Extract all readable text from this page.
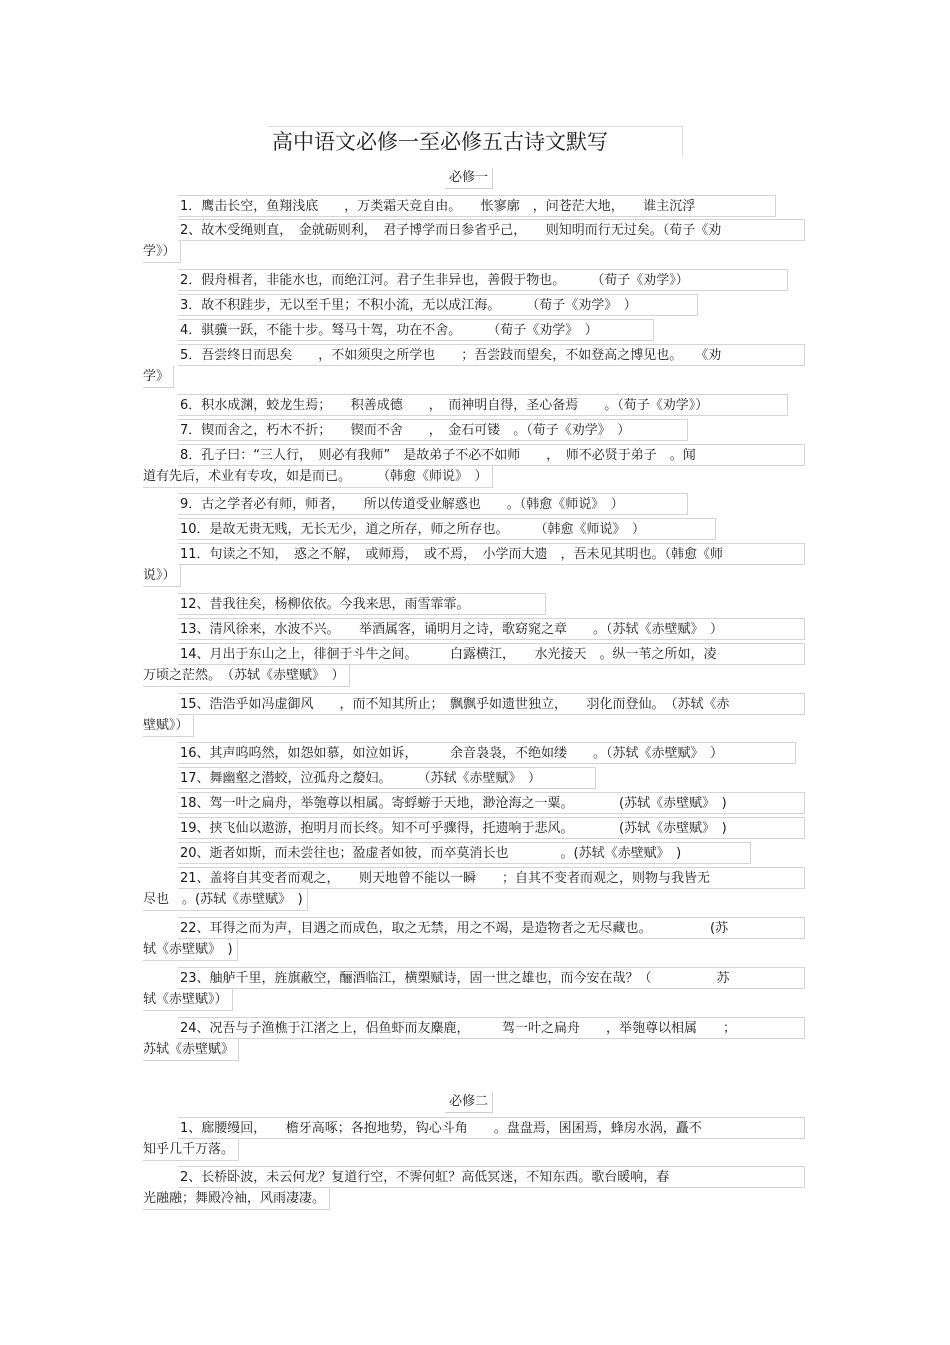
高中语文必修一至必修五古诗文默写
必修一
1．鹰击长空，鱼翔浅底　　，万类霜天竞自由。　　怅寥廓　，问苍茫大地，　　谁主沉浮
2、故木受绳则直，　金就砺则利，　君子博学而日参省乎己，　　则知明而行无过矣。（荀子《劝
学》）
2．假舟楫者，非能水也，而绝江河。君子生非异也，善假于物也。　　　（荀子《劝学》）
3．故不积跬步，无以至千里；不积小流，无以成江海。　　　（荀子《劝学》　）
4．骐骥一跃，不能十步。驽马十驾，功在不舍。　　　（荀子《劝学》　）
5．吾尝终日而思矣　　，不如须臾之所学也　　；吾尝跂而望矣，不如登高之博见也。　　《劝
学》
6．积水成渊，蛟龙生焉；　　积善成德　　，　而神明自得，圣心备焉　　。（荀子《劝学》）
7．锲而舍之，朽木不折；　　锲而不舍　　，　金石可镂　。（荀子《劝学》　）
8．孔子曰：“三人行，　则必有我师”　是故弟子不必不如师　　，　师不必贤于弟子　。闻
道有先后，术业有专攻，如是而已。　　　（韩愈《师说》　）
9．古之学者必有师，师者，　　所以传道受业解惑也　　。（韩愈《师说》　）
10．是故无贵无贱，无长无少，道之所存，师之所存也。　　　（韩愈《师说》　）
11．句读之不知，　惑之不解，　或师焉，　或不焉，　小学而大遗　，吾未见其明也。（韩愈《师
说》）
12、昔我往矣，杨柳依依。今我来思，雨雪霏霏。
13、清风徐来，水波不兴。　　举酒属客，诵明月之诗，歌窈窕之章　　。（苏轼《赤壁赋》　）
14、月出于东山之上，徘徊于斗牛之间。　　　白露横江，　　水光接天　。纵一苇之所如，凌
万顷之茫然。　（苏轼《赤壁赋》　）
15、浩浩乎如冯虚御风　　，而不知其所止；　飘飘乎如遗世独立，　　羽化而登仙。　（苏轼《赤
壁赋》）
16、其声呜呜然，如怨如慕，如泣如诉，　　　余音袅袅，不绝如缕　　。（苏轼《赤壁赋》　）
17、舞幽壑之潜蛟，泣孤舟之嫠妇。　　　（苏轼《赤壁赋》　）
18、驾一叶之扁舟，举匏尊以相属。寄蜉蝣于天地，渺沧海之一粟。　　　　(苏轼《赤壁赋》　)
19、挟飞仙以遨游，抱明月而长终。知不可乎骤得，托遗响于悲风。　　　　(苏轼《赤壁赋》　)
20、逝者如斯，而未尝往也；盈虚者如彼，而卒莫消长也　　　　。(苏轼《赤壁赋》　)
21、盖将自其变者而观之，　　则天地曾不能以一瞬　　；自其不变者而观之，则物与我皆无
尽也　。(苏轼《赤壁赋》　)
22、耳得之而为声，目遇之而成色，取之无禁，用之不竭，是造物者之无尽藏也。　　　　　(苏
轼《赤壁赋》　)
23、舳舻千里，旌旗蔽空，酾酒临江，横槊赋诗，固一世之雄也，而今安在哉？（　　　　　苏
轼《赤壁赋》）
24、况吾与子渔樵于江渚之上，侣鱼虾而友麋鹿，　　　驾一叶之扁舟　　，举匏尊以相属　　；
苏轼《赤壁赋》
必修二
1、廊腰缦回，　　檐牙高啄；各抱地势，钩心斗角　　。盘盘焉，囷囷焉，蜂房水涡，矗不
知乎几千万落。
2、长桥卧波，未云何龙？复道行空，不霁何虹？高低冥迷，不知东西。歌台暖响，春
光融融；舞殿冷袖，风雨凄凄。
